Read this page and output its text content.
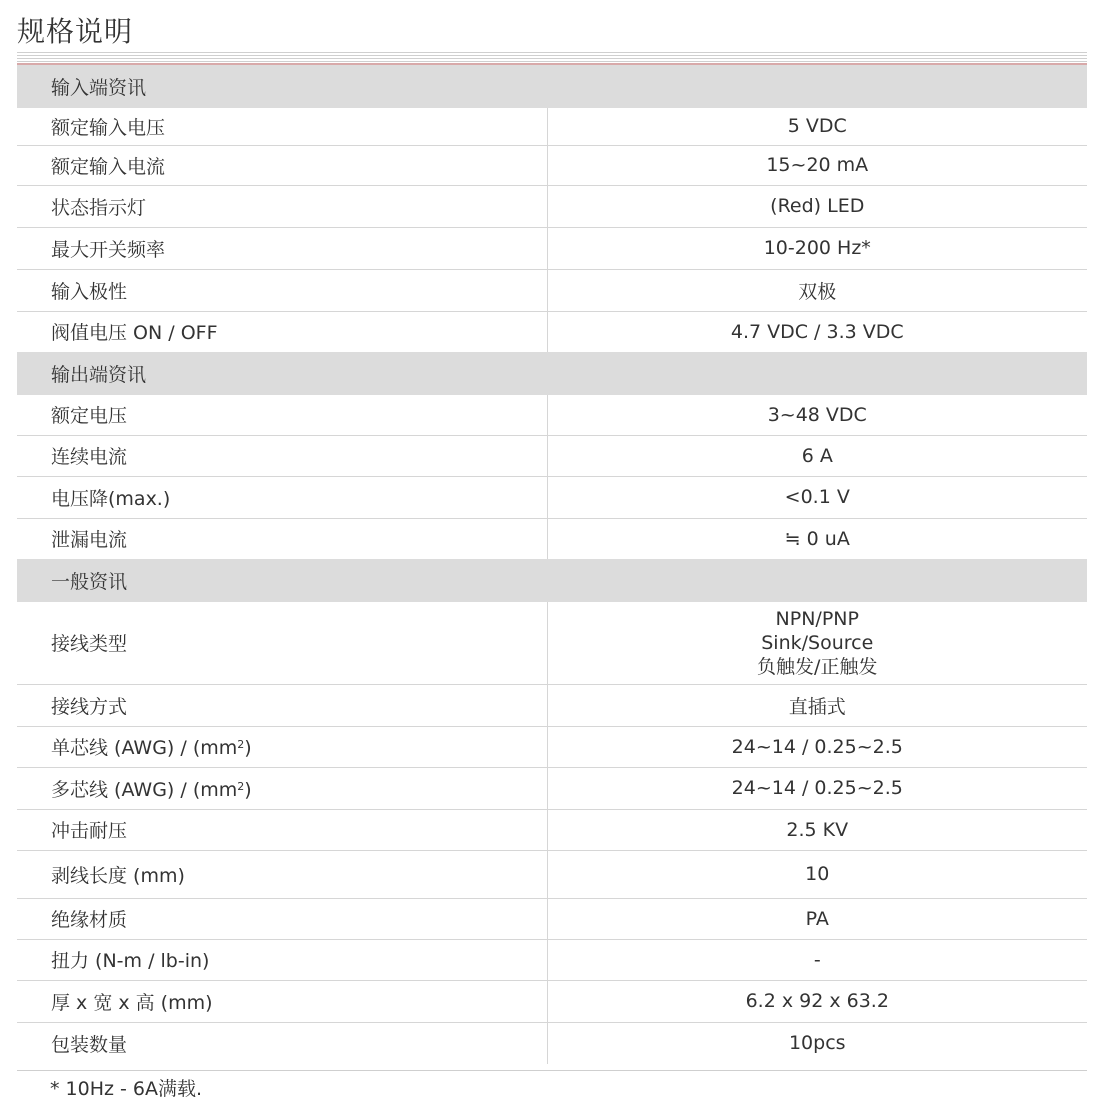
规格说明
输入端资讯	
额定输入电压	5 VDC
额定输入电流	15~20 mA
状态指示灯	(Red) LED
最大开关频率	10-200 Hz*
输入极性	双极
阀值电压 ON / OFF	4.7 VDC / 3.3 VDC
输出端资讯	
额定电压	3~48 VDC
连续电流	6 A
电压降(max.)	<0.1 V
泄漏电流	≒ 0 uA
一般资讯	
接线类型	NPN/PNP
Sink/Source
负触发/正触发

接线方式	直插式
单芯线 $(AWG) / (mm^2)$	24~14 / 0.25~2.5
多芯线 $(AWG) / (mm^2)$	24~14 / 0.25~2.5
冲击耐压	2.5 KV
剥线长度 (mm)	10
绝缘材质	PA
扭力 (N-m / lb-in)	-
厚 x 宽 x 高 (mm)	6.2 x 92 x 63.2
包装数量	10pcs
* 10Hz - 6A满载.
